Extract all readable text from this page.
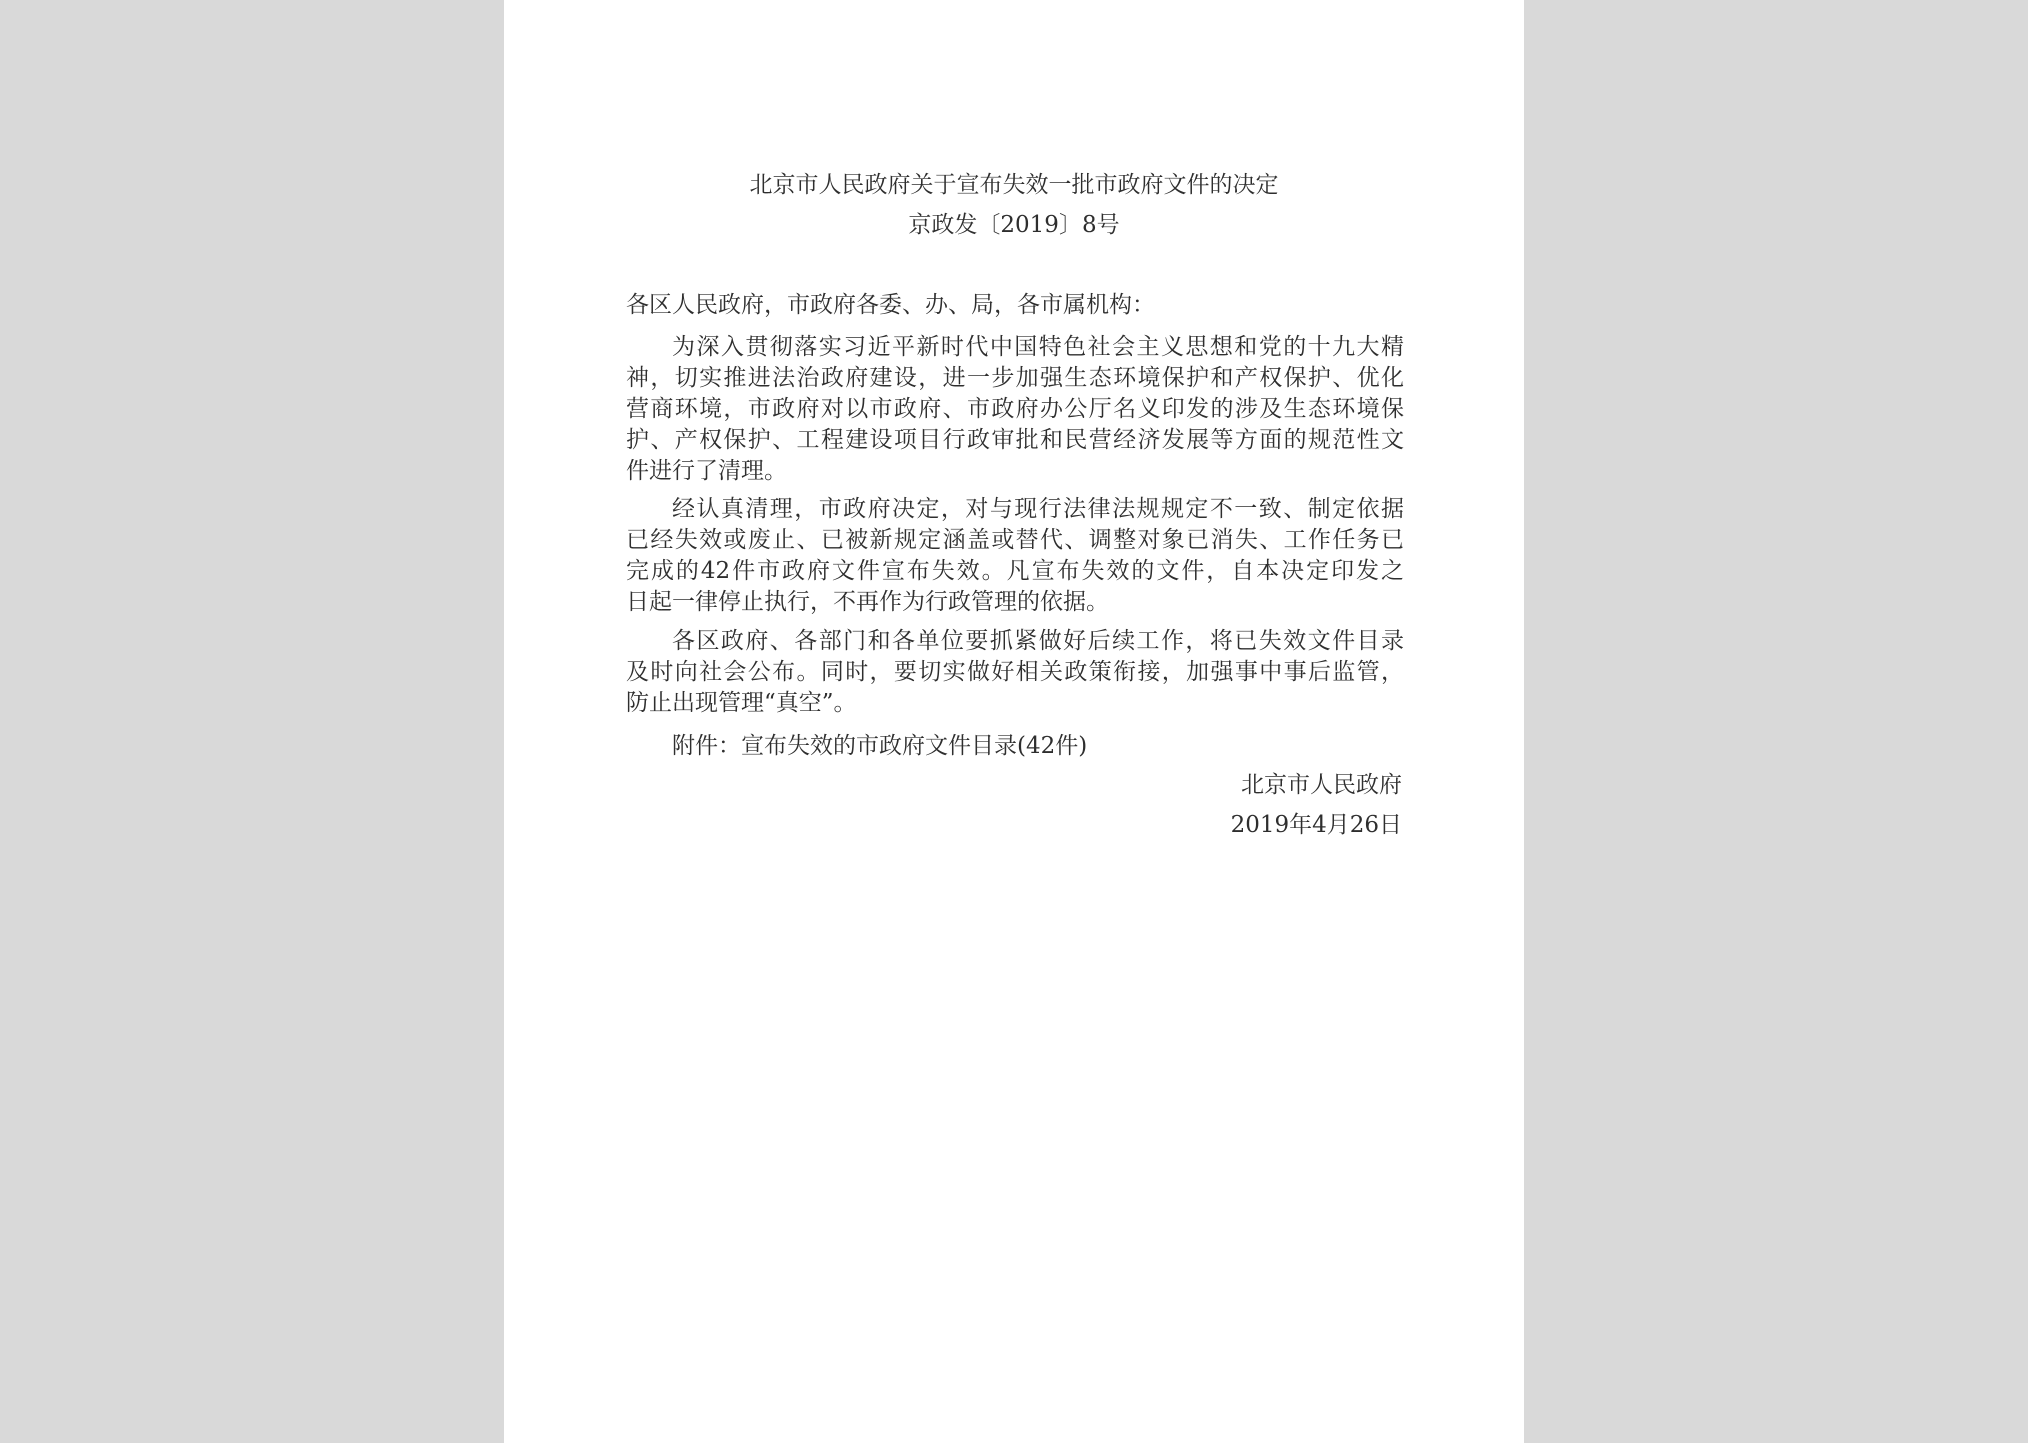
北京市人民政府关于宣布失效一批市政府文件的决定
京政发〔2019〕8号
各区人民政府，市政府各委、办、局，各市属机构：
为深入贯彻落实习近平新时代中国特色社会主义思想和党的十九大精
神，切实推进法治政府建设，进一步加强生态环境保护和产权保护、优化
营商环境，市政府对以市政府、市政府办公厅名义印发的涉及生态环境保
护、产权保护、工程建设项目行政审批和民营经济发展等方面的规范性文
件进行了清理。
经认真清理，市政府决定，对与现行法律法规规定不一致、制定依据
已经失效或废止、已被新规定涵盖或替代、调整对象已消失、工作任务已
完成的42件市政府文件宣布失效。凡宣布失效的文件，自本决定印发之
日起一律停止执行，不再作为行政管理的依据。
各区政府、各部门和各单位要抓紧做好后续工作，将已失效文件目录
及时向社会公布。同时，要切实做好相关政策衔接，加强事中事后监管，
防止出现管理“真空”。
附件：宣布失效的市政府文件目录(42件)
北京市人民政府
2019年4月26日
